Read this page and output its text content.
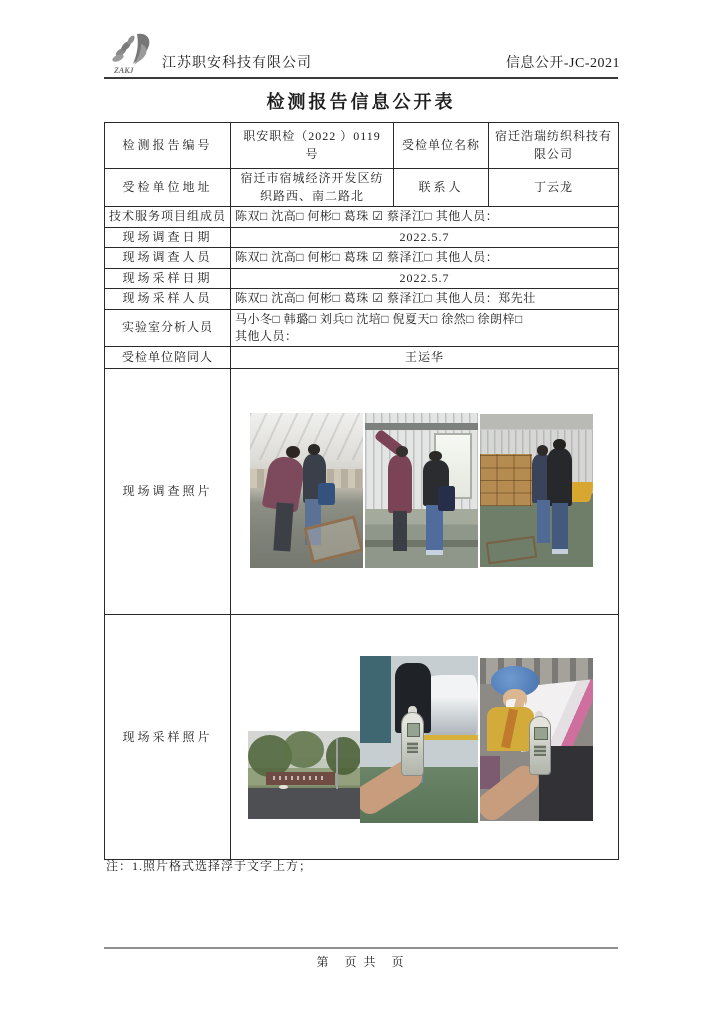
ZAKJ 江苏职安科技有限公司	信息公开-JC-2021
检测报告信息公开表
检测报告编号	职安职检（2022 ）0119 号	受检单位名称	宿迁浩瑞纺织科技有限公司
受检单位地址	宿迁市宿城经济开发区纺织路西、南二路北	联系人	丁云龙
技术服务项目组成员	陈双□ 沈高□ 何彬□ 葛珠 ☑ 蔡泽江□ 其他人员：		
现场调查日期	2022.5.7		
现场调查人员	陈双□ 沈高□ 何彬□ 葛珠 ☑ 蔡泽江□ 其他人员：		
现场采样日期	2022.5.7		
现场采样人员	陈双□ 沈高□ 何彬□ 葛珠 ☑ 蔡泽江□ 其他人员：郑先壮		
实验室分析人员	马小冬□ 韩璐□ 刘兵□ 沈培□ 倪夏天□ 徐然□ 徐朗梓□
其他人员：		

受检单位陪同人	王运华		
现场调查照片			

现场采样照片			
注：1.照片格式选择浮于文字上方；
第　页 共　页
